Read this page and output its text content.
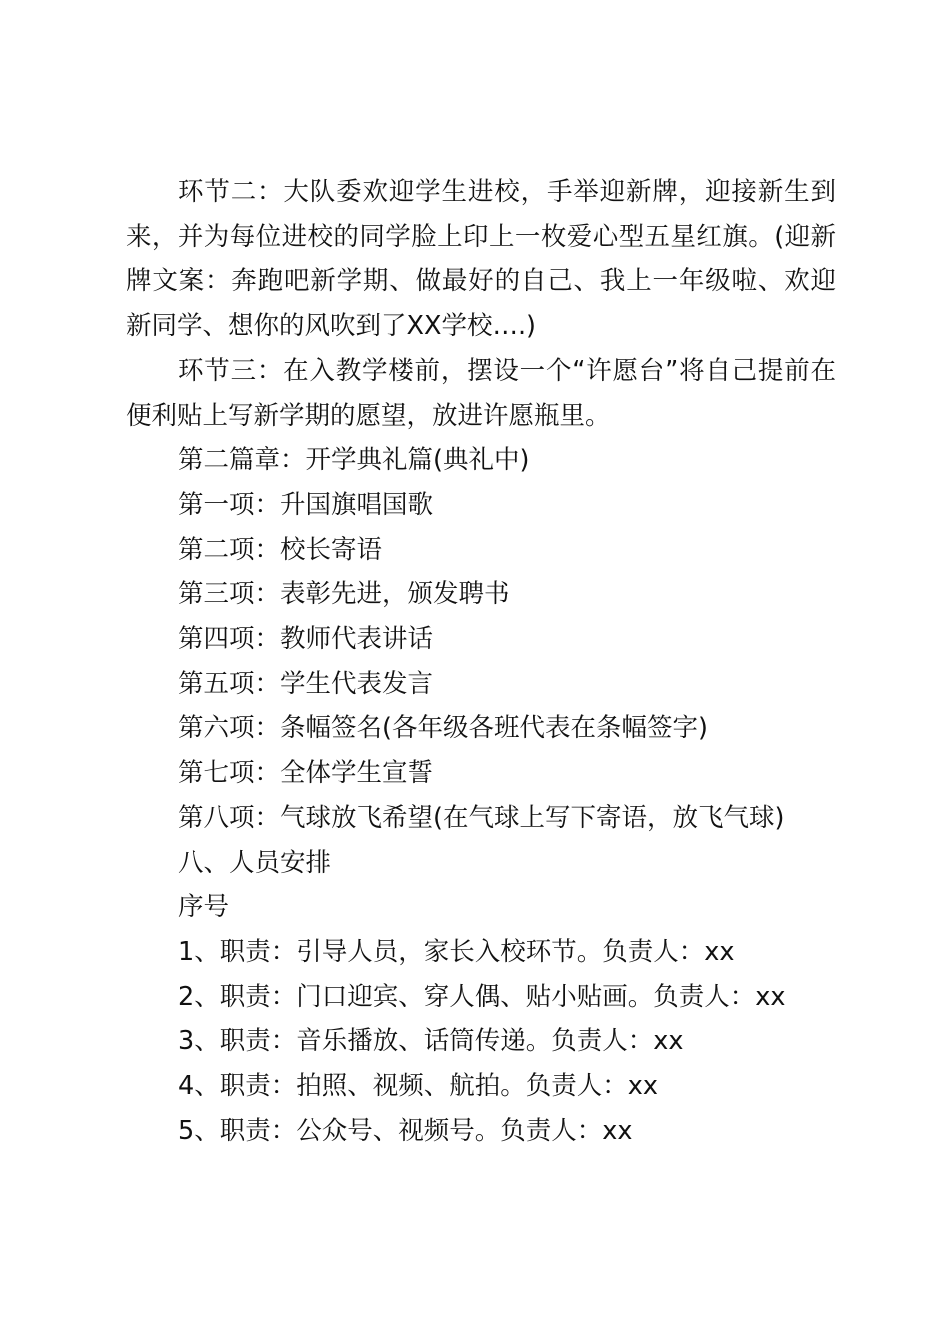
环节二：大队委欢迎学生进校，手举迎新牌，迎接新生到来，并为每位进校的同学脸上印上一枚爱心型五星红旗。(迎新牌文案：奔跑吧新学期、做最好的自己、我上一年级啦、欢迎新同学、想你的风吹到了XX学校….)

环节三：在入教学楼前，摆设一个“许愿台”将自己提前在便利贴上写新学期的愿望，放进许愿瓶里。

第二篇章：开学典礼篇(典礼中)

第一项：升国旗唱国歌

第二项：校长寄语

第三项：表彰先进，颁发聘书

第四项：教师代表讲话

第五项：学生代表发言

第六项：条幅签名(各年级各班代表在条幅签字)

第七项：全体学生宣誓

第八项：气球放飞希望(在气球上写下寄语，放飞气球)

八、人员安排

序号

1、职责：引导人员，家长入校环节。负责人：xx

2、职责：门口迎宾、穿人偶、贴小贴画。负责人：xx

3、职责：音乐播放、话筒传递。负责人：xx

4、职责：拍照、视频、航拍。负责人：xx

5、职责：公众号、视频号。负责人：xx
